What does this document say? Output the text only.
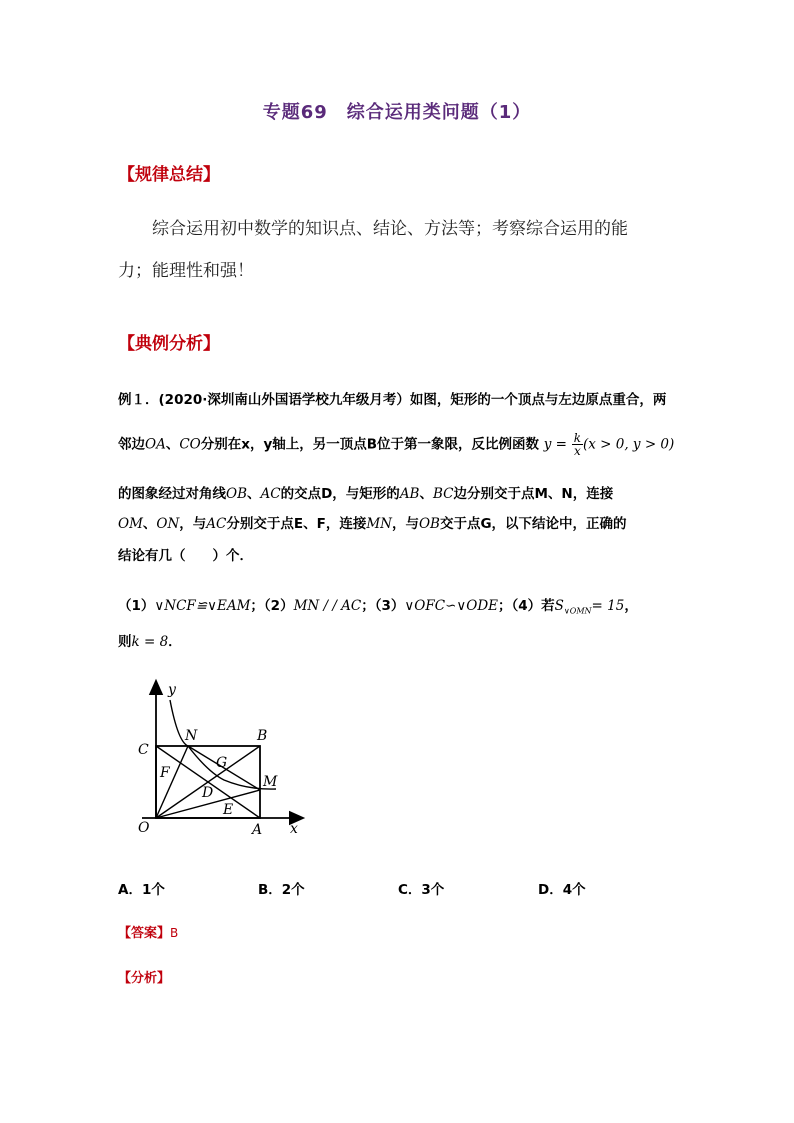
专题69　综合运用类问题（1）
【规律总结】
综合运用初中数学的知识点、结论、方法等；考察综合运用的能
力；能理性和强！
【典例分析】
例１．(2020·深圳南山外国语学校九年级月考）如图，矩形的一个顶点与左边原点重合，两
邻边OA、CO分别在x，y轴上，另一顶点B位于第一象限，反比例函数 $y = \frac{k}{x} (x > 0$, y > 0)
的图象经过对角线OB、AC的交点D，与矩形的AB、BC边分别交于点M、N，连接
OM、ON，与AC分别交于点E、F，连接MN，与OB交于点G，以下结论中，正确的
结论有几（　　）个．
（1）∨NCF≌∨EAM；（2）MN / / AC；（3）∨OFC∽∨ODE；（4）若$S_{\vee OMN}= 15$，
则k = 8．
y
x
C
N	B
F
G
M
D
E
O	A
A．1个	B．2个	C．3个	D．4个
【答案】B
【分析】
